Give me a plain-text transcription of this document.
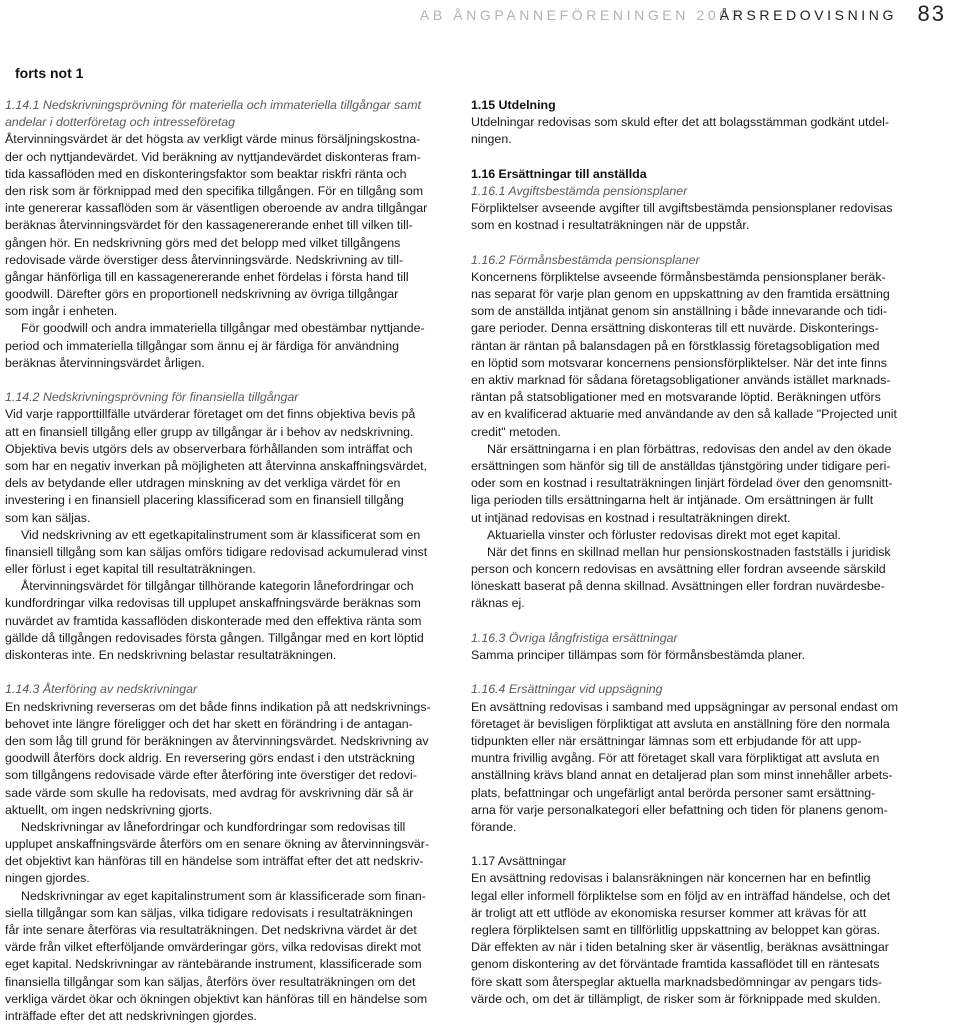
AB ÅNGPANNEFÖRENINGEN 2007
ÅRSREDOVISNING 83
forts not 1
1.14.1 Nedskrivningsprövning för materiella och immateriella tillgångar samt
andelar i dotterföretag och intresseföretag
Återvinningsvärdet är det högsta av verkligt värde minus försäljningskostna-
der och nyttjandevärdet. Vid beräkning av nyttjandevärdet diskonteras fram-
tida kassaflöden med en diskonteringsfaktor som beaktar riskfri ränta och
den risk som är förknippad med den specifika tillgången. För en tillgång som
inte genererar kassaflöden som är väsentligen oberoende av andra tillgångar
beräknas återvinningsvärdet för den kassagenererande enhet till vilken till-
gången hör. En nedskrivning görs med det belopp med vilket tillgångens
redovisade värde överstiger dess återvinningsvärde. Nedskrivning av till-
gångar hänförliga till en kassagenererande enhet fördelas i första hand till
goodwill. Därefter görs en proportionell nedskrivning av övriga tillgångar
som ingår i enheten.
För goodwill och andra immateriella tillgångar med obestämbar nyttjande-
period och immateriella tillgångar som ännu ej är färdiga för användning
beräknas återvinningsvärdet årligen.
1.14.2 Nedskrivningsprövning för finansiella tillgångar
Vid varje rapporttillfälle utvärderar företaget om det finns objektiva bevis på
att en finansiell tillgång eller grupp av tillgångar är i behov av nedskrivning.
Objektiva bevis utgörs dels av observerbara förhållanden som inträffat och
som har en negativ inverkan på möjligheten att återvinna anskaffningsvärdet,
dels av betydande eller utdragen minskning av det verkliga värdet för en
investering i en finansiell placering klassificerad som en finansiell tillgång
som kan säljas.
Vid nedskrivning av ett egetkapitalinstrument som är klassificerat som en
finansiell tillgång som kan säljas omförs tidigare redovisad ackumulerad vinst
eller förlust i eget kapital till resultaträkningen.
Återvinningsvärdet för tillgångar tillhörande kategorin lånefordringar och
kundfordringar vilka redovisas till upplupet anskaffningsvärde beräknas som
nuvärdet av framtida kassaflöden diskonterade med den effektiva ränta som
gällde då tillgången redovisades första gången. Tillgångar med en kort löptid
diskonteras inte. En nedskrivning belastar resultaträkningen.
1.14.3 Återföring av nedskrivningar
En nedskrivning reverseras om det både finns indikation på att nedskrivnings-
behovet inte längre föreligger och det har skett en förändring i de antagan-
den som låg till grund för beräkningen av återvinningsvärdet. Nedskrivning av
goodwill återförs dock aldrig. En reversering görs endast i den utsträckning
som tillgångens redovisade värde efter återföring inte överstiger det redovi-
sade värde som skulle ha redovisats, med avdrag för avskrivning där så är
aktuellt, om ingen nedskrivning gjorts.
Nedskrivningar av lånefordringar och kundfordringar som redovisas till
upplupet anskaffningsvärde återförs om en senare ökning av återvinningsvär-
det objektivt kan hänföras till en händelse som inträffat efter det att nedskriv-
ningen gjordes.
Nedskrivningar av eget kapitalinstrument som är klassificerade som finan-
siella tillgångar som kan säljas, vilka tidigare redovisats i resultaträkningen
får inte senare återföras via resultaträkningen. Det nedskrivna värdet är det
värde från vilket efterföljande omvärderingar görs, vilka redovisas direkt mot
eget kapital. Nedskrivningar av räntebärande instrument, klassificerade som
finansiella tillgångar som kan säljas, återförs över resultaträkningen om det
verkliga värdet ökar och ökningen objektivt kan hänföras till en händelse som
inträffade efter det att nedskrivningen gjordes.
1.15 Utdelning
Utdelningar redovisas som skuld efter det att bolagsstämman godkänt utdel-
ningen.
1.16 Ersättningar till anställda
1.16.1 Avgiftsbestämda pensionsplaner
Förpliktelser avseende avgifter till avgiftsbestämda pensionsplaner redovisas
som en kostnad i resultaträkningen när de uppstår.
1.16.2 Förmånsbestämda pensionsplaner
Koncernens förpliktelse avseende förmånsbestämda pensionsplaner beräk-
nas separat för varje plan genom en uppskattning av den framtida ersättning
som de anställda intjänat genom sin anställning i både innevarande och tidi-
gare perioder. Denna ersättning diskonteras till ett nuvärde. Diskonterings-
räntan är räntan på balansdagen på en förstklassig företagsobligation med
en löptid som motsvarar koncernens pensionsförpliktelser. När det inte finns
en aktiv marknad för sådana företagsobligationer används istället marknads-
räntan på statsobligationer med en motsvarande löptid. Beräkningen utförs
av en kvalificerad aktuarie med användande av den så kallade "Projected unit
credit" metoden.
När ersättningarna i en plan förbättras, redovisas den andel av den ökade
ersättningen som hänför sig till de anställdas tjänstgöring under tidigare peri-
oder som en kostnad i resultaträkningen linjärt fördelad över den genomsnitt-
liga perioden tills ersättningarna helt är intjänade. Om ersättningen är fullt
ut intjänad redovisas en kostnad i resultaträkningen direkt.
Aktuariella vinster och förluster redovisas direkt mot eget kapital.
När det finns en skillnad mellan hur pensionskostnaden fastställs i juridisk
person och koncern redovisas en avsättning eller fordran avseende särskild
löneskatt baserat på denna skillnad. Avsättningen eller fordran nuvärdesbe-
räknas ej.
1.16.3 Övriga långfristiga ersättningar
Samma principer tillämpas som för förmånsbestämda planer.
1.16.4 Ersättningar vid uppsägning
En avsättning redovisas i samband med uppsägningar av personal endast om
företaget är bevisligen förpliktigat att avsluta en anställning före den normala
tidpunkten eller när ersättningar lämnas som ett erbjudande för att upp-
muntra frivillig avgång. För att företaget skall vara förpliktigat att avsluta en
anställning krävs bland annat en detaljerad plan som minst innehåller arbets-
plats, befattningar och ungefärligt antal berörda personer samt ersättning-
arna för varje personalkategori eller befattning och tiden för planens genom-
förande.
1.17 Avsättningar
En avsättning redovisas i balansräkningen när koncernen har en befintlig
legal eller informell förpliktelse som en följd av en inträffad händelse, och det
är troligt att ett utflöde av ekonomiska resurser kommer att krävas för att
reglera förpliktelsen samt en tillförlitlig uppskattning av beloppet kan göras.
Där effekten av när i tiden betalning sker är väsentlig, beräknas avsättningar
genom diskontering av det förväntade framtida kassaflödet till en räntesats
före skatt som återspeglar aktuella marknadsbedömningar av pengars tids-
värde och, om det är tillämpligt, de risker som är förknippade med skulden.
